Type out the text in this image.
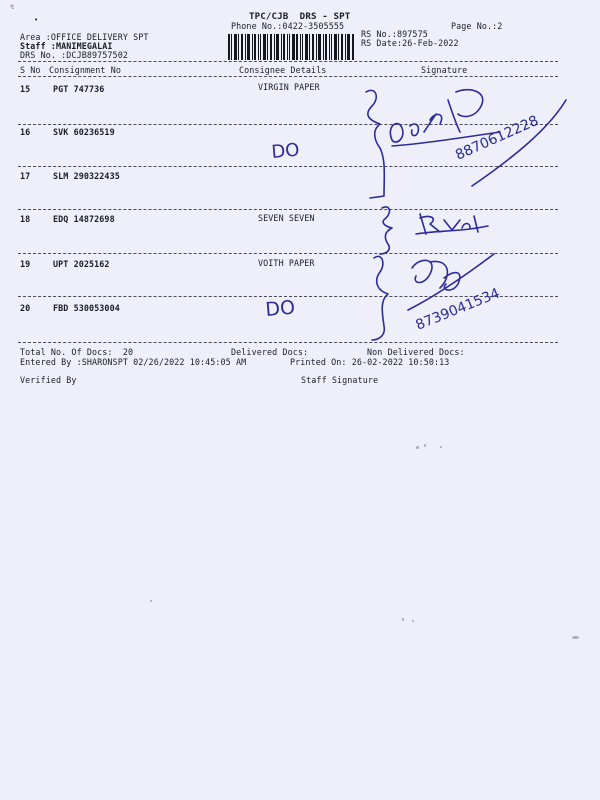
↯
•	TPC/CJB  DRS - SPT
Phone No.:0422-3505555	Page No.:2
Area :OFFICE DELIVERY SPT
Staff :MANIMEGALAI
DRS No. :DCJB89757502
RS No.:897575
RS Date:26-Feb-2022
S No Consignment No	Consignee Details	Signature
15	PGT 747736	VIRGIN PAPER
16	SVK 60236519
17	SLM 290322435
18	EDQ 14872698	SEVEN SEVEN
19	UPT 2025162	VOITH PAPER
20	FBD 530053004
Total No. Of Docs:  20	Delivered Docs:	Non Delivered Docs:
Entered By :SHARONSPT 02/26/2022 10:45:05 AM	Printed On: 26-02-2022 10:50:13
Verified By	Staff Signature
DO
DO
8870612228
8739041534
